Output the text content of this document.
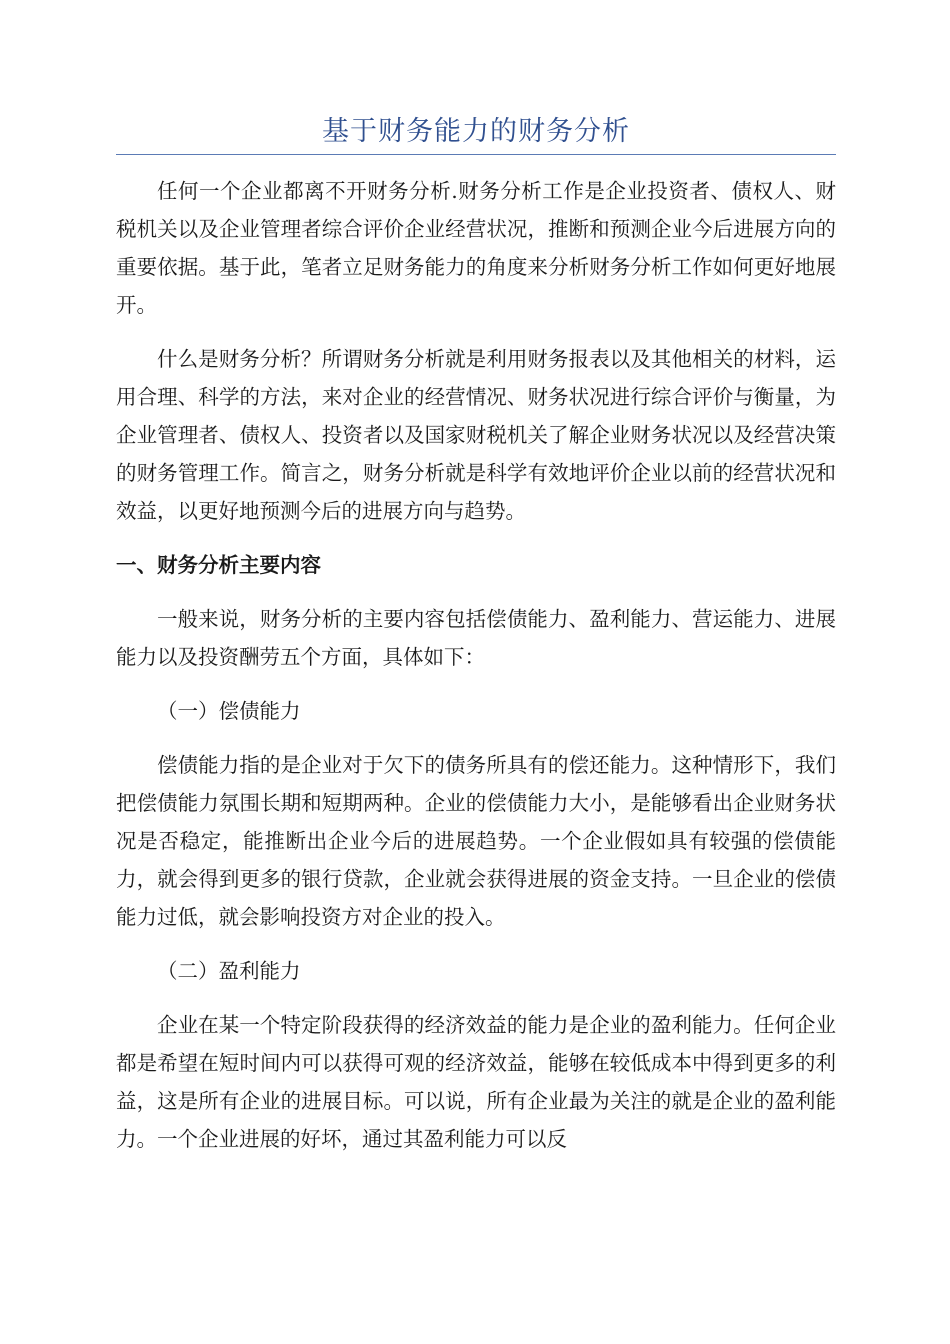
基于财务能力的财务分析

任何一个企业都离不开财务分析.财务分析工作是企业投资者、债权人、财税机关以及企业管理者综合评价企业经营状况，推断和预测企业今后进展方向的重要依据。基于此，笔者立足财务能力的角度来分析财务分析工作如何更好地展开。

什么是财务分析？所谓财务分析就是利用财务报表以及其他相关的材料，运用合理、科学的方法，来对企业的经营情况、财务状况进行综合评价与衡量，为企业管理者、债权人、投资者以及国家财税机关了解企业财务状况以及经营决策的财务管理工作。简言之，财务分析就是科学有效地评价企业以前的经营状况和效益，以更好地预测今后的进展方向与趋势。

一、财务分析主要内容

一般来说，财务分析的主要内容包括偿债能力、盈利能力、营运能力、进展能力以及投资酬劳五个方面，具体如下：

（一）偿债能力

偿债能力指的是企业对于欠下的债务所具有的偿还能力。这种情形下，我们把偿债能力氛围长期和短期两种。企业的偿债能力大小，是能够看出企业财务状况是否稳定，能推断出企业今后的进展趋势。一个企业假如具有较强的偿债能力，就会得到更多的银行贷款，企业就会获得进展的资金支持。一旦企业的偿债能力过低，就会影响投资方对企业的投入。

（二）盈利能力

企业在某一个特定阶段获得的经济效益的能力是企业的盈利能力。任何企业都是希望在短时间内可以获得可观的经济效益，能够在较低成本中得到更多的利益，这是所有企业的进展目标。可以说，所有企业最为关注的就是企业的盈利能力。一个企业进展的好坏，通过其盈利能力可以反
